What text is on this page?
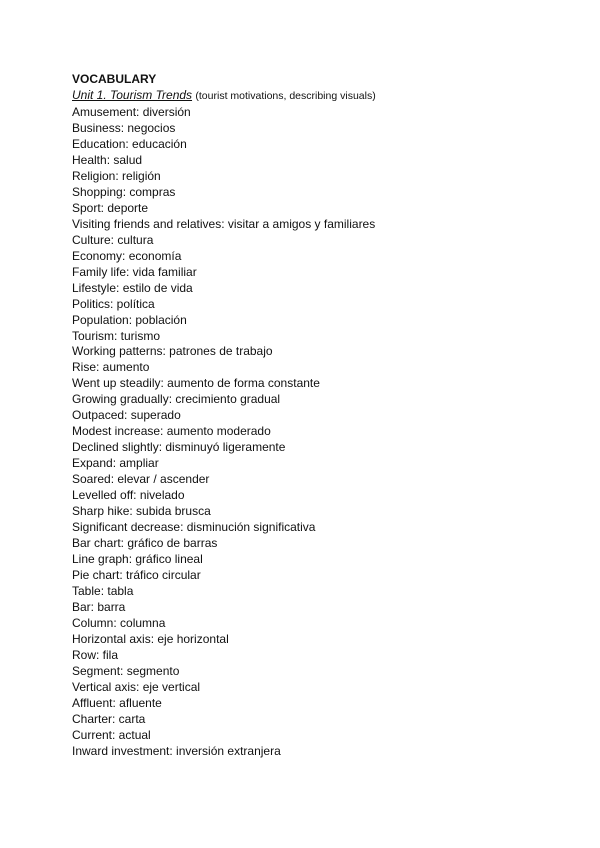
VOCABULARY
Unit 1. Tourism Trends (tourist motivations, describing visuals)
Amusement: diversión
Business: negocios
Education: educación
Health: salud
Religion: religión
Shopping: compras
Sport: deporte
Visiting friends and relatives: visitar a amigos y familiares
Culture: cultura
Economy: economía
Family life: vida familiar
Lifestyle: estilo de vida
Politics: política
Population: población
Tourism: turismo
Working patterns: patrones de trabajo
Rise: aumento
Went up steadily: aumento de forma constante
Growing gradually: crecimiento gradual
Outpaced: superado
Modest increase: aumento moderado
Declined slightly: disminuyó ligeramente
Expand: ampliar
Soared: elevar / ascender
Levelled off: nivelado
Sharp hike: subida brusca
Significant decrease: disminución significativa
Bar chart: gráfico de barras
Line graph: gráfico lineal
Pie chart: tráfico circular
Table: tabla
Bar: barra
Column: columna
Horizontal axis: eje horizontal
Row: fila
Segment: segmento
Vertical axis: eje vertical
Affluent: afluente
Charter: carta
Current: actual
Inward investment: inversión extranjera
